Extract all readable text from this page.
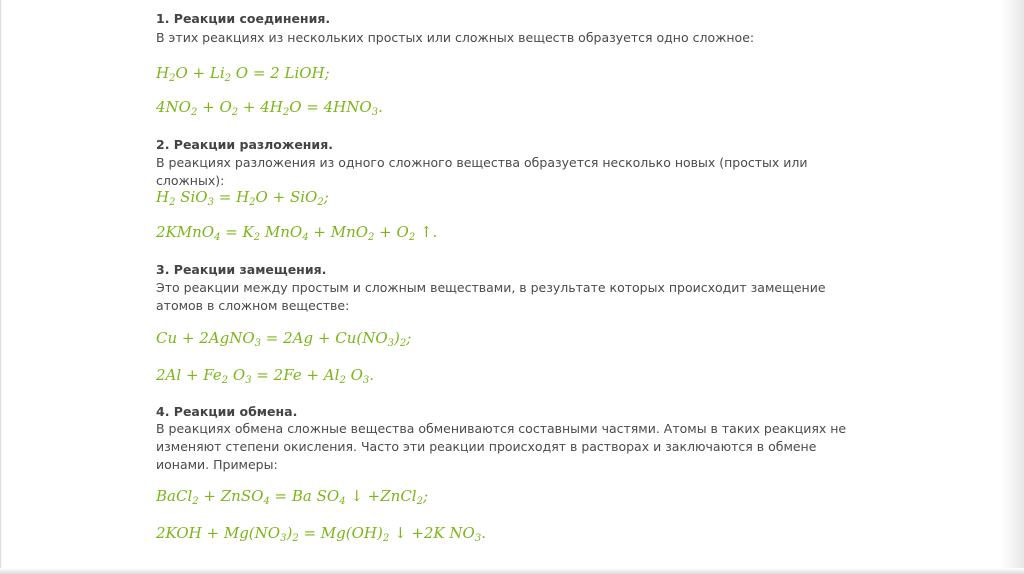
1. Реакции соединения.
В этих реакциях из нескольких простых или сложных веществ образуется одно сложное:
$H_2O + Li_2$ O = 2 LiOH;
$4NO_2 + O_2 + 4H_2O = 4HNO_3$.
2. Реакции разложения.
В реакциях разложения из одного сложного вещества образуется несколько новых (простых или сложных):
$H_2$ $SiO_3 = H_2O + SiO_2$;
2KMnO$_4$ = $K_2$ $MnO_4 + MnO_2 + O_2$ ↑.
3. Реакции замещения.
Это реакции между простым и сложным веществами, в результате которых происходит замещение атомов в сложном веществе:
Cu + 2AgNO$_3$ = $2Ag + Cu(NO_3)_2$;
$2Al + Fe_2$ $O_3 = 2Fe + Al_2$ $O_3$.
4. Реакции обмена.
В реакциях обмена сложные вещества обмениваются составными частями. Атомы в таких реакциях не изменяют степени окисления. Часто эти реакции происходят в растворах и заключаются в обмене ионами. Примеры:
BaCl$_2$ + ZnSO$_4$ = Ba $SO_4$ ↓ +ZnCl$_2$;
$2KOH + Mg(NO_3)_2 = Mg(OH)_2$ ↓ +2K $NO_3$.
